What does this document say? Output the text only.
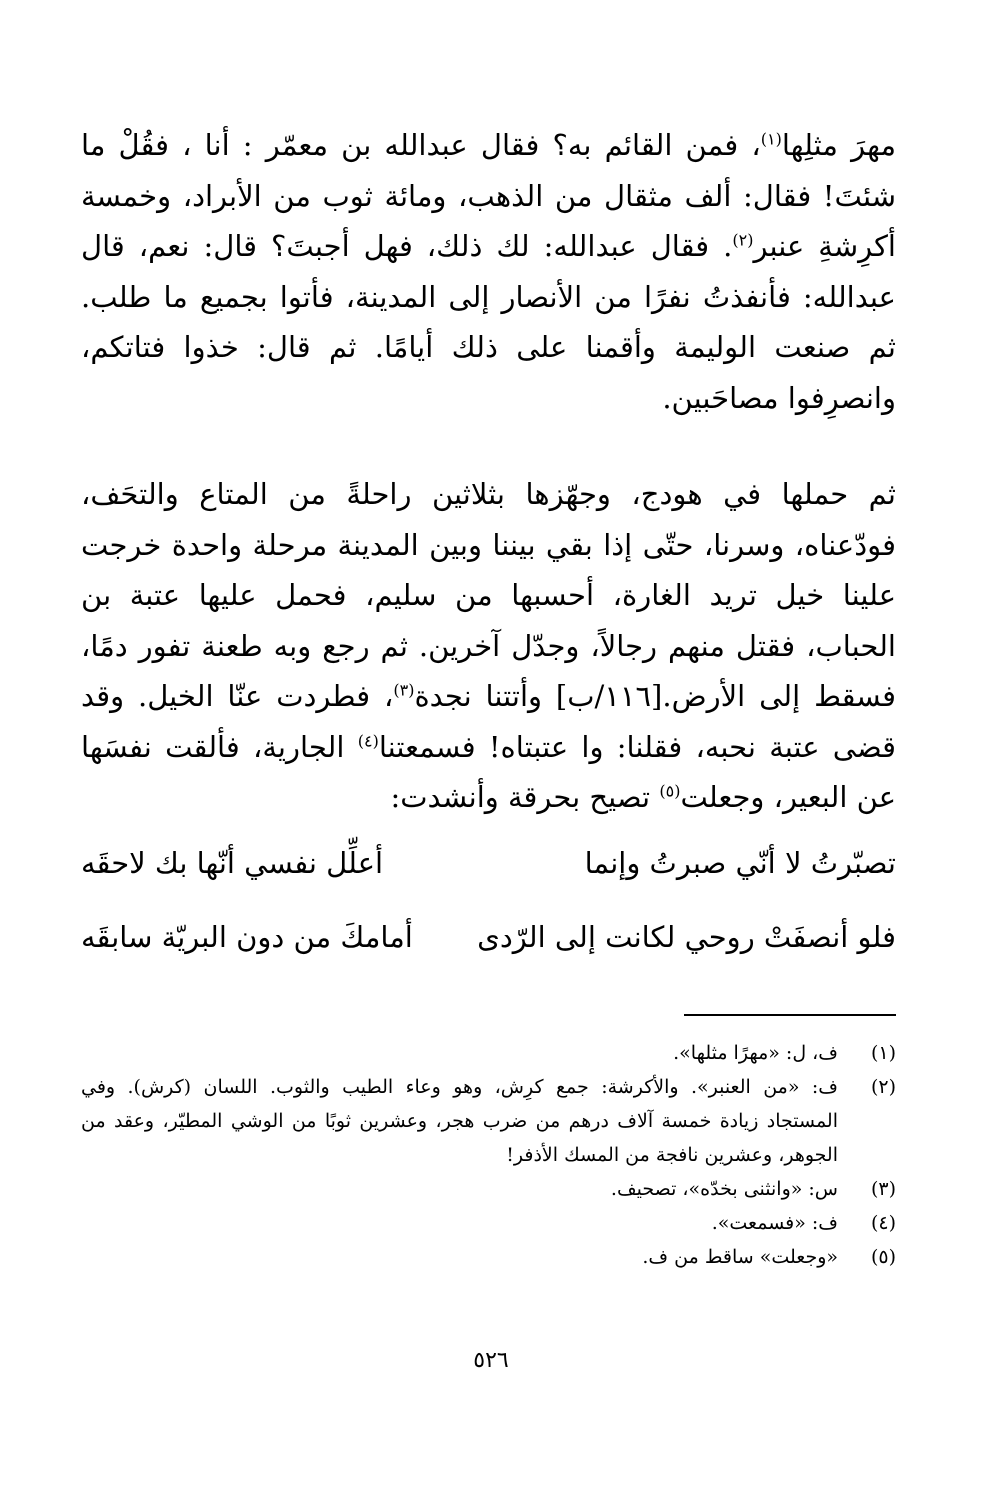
مهرَ مثلِها$^{(١)}$، فمن القائم به؟ فقال عبدالله بن معمّر : أنا ، فقُلْ ما شئتَ! فقال: ألف مثقال من الذهب، ومائة ثوب من الأبراد، وخمسة أكرِشةِ عنبر$^{(٢)}$. فقال عبدالله: لك ذلك، فهل أجبتَ؟ قال: نعم، قال عبدالله: فأنفذتُ نفرًا من الأنصار إلى المدينة، فأتوا بجميع ما طلب. ثم صنعت الوليمة وأقمنا على ذلك أيامًا. ثم قال: خذوا فتاتكم، وانصرِفوا مصاحَبين.

ثم حملها في هودج، وجهّزها بثلاثين راحلةً من المتاع والتحَف، فودّعناه، وسرنا، حتّى إذا بقي بيننا وبين المدينة مرحلة واحدة خرجت علينا خيل تريد الغارة، أحسبها من سليم، فحمل عليها عتبة بن الحباب، فقتل منهم رجالاً، وجدّل آخرين. ثم رجع وبه طعنة تفور دمًا، فسقط إلى الأرض.[١١٦/ب] وأتتنا نجدة$^{(٣)}$، فطردت عنّا الخيل. وقد قضى عتبة نحبه، فقلنا: وا عتبتاه! فسمعتنا$^{(٤)}$ الجارية، فألقت نفسَها عن البعير، وجعلت$^{(٥)}$ تصيح بحرقة وأنشدت:

تصبّرتُ لا أنّي صبرتُ وإنما
أعلِّل نفسي أنّها بك لاحقَه
فلو أنصفَتْ روحي لكانت إلى الرّدى
أمامكَ من دون البريّة سابقَه
(١)
ف، ل: «مهرًا مثلها».
(٢)
ف: «من العنبر». والأكرشة: جمع كرِش، وهو وعاء الطيب والثوب. اللسان (كرش). وفي المستجاد زيادة خمسة آلاف درهم من ضرب هجر، وعشرين ثوبًا من الوشي المطيّر، وعقد من الجوهر، وعشرين نافجة من المسك الأذفر!
(٣)
س: «وانثنى بخدّه»، تصحيف.
(٤)
ف: «فسمعت».
(٥)
«وجعلت» ساقط من ف.
٥٢٦
